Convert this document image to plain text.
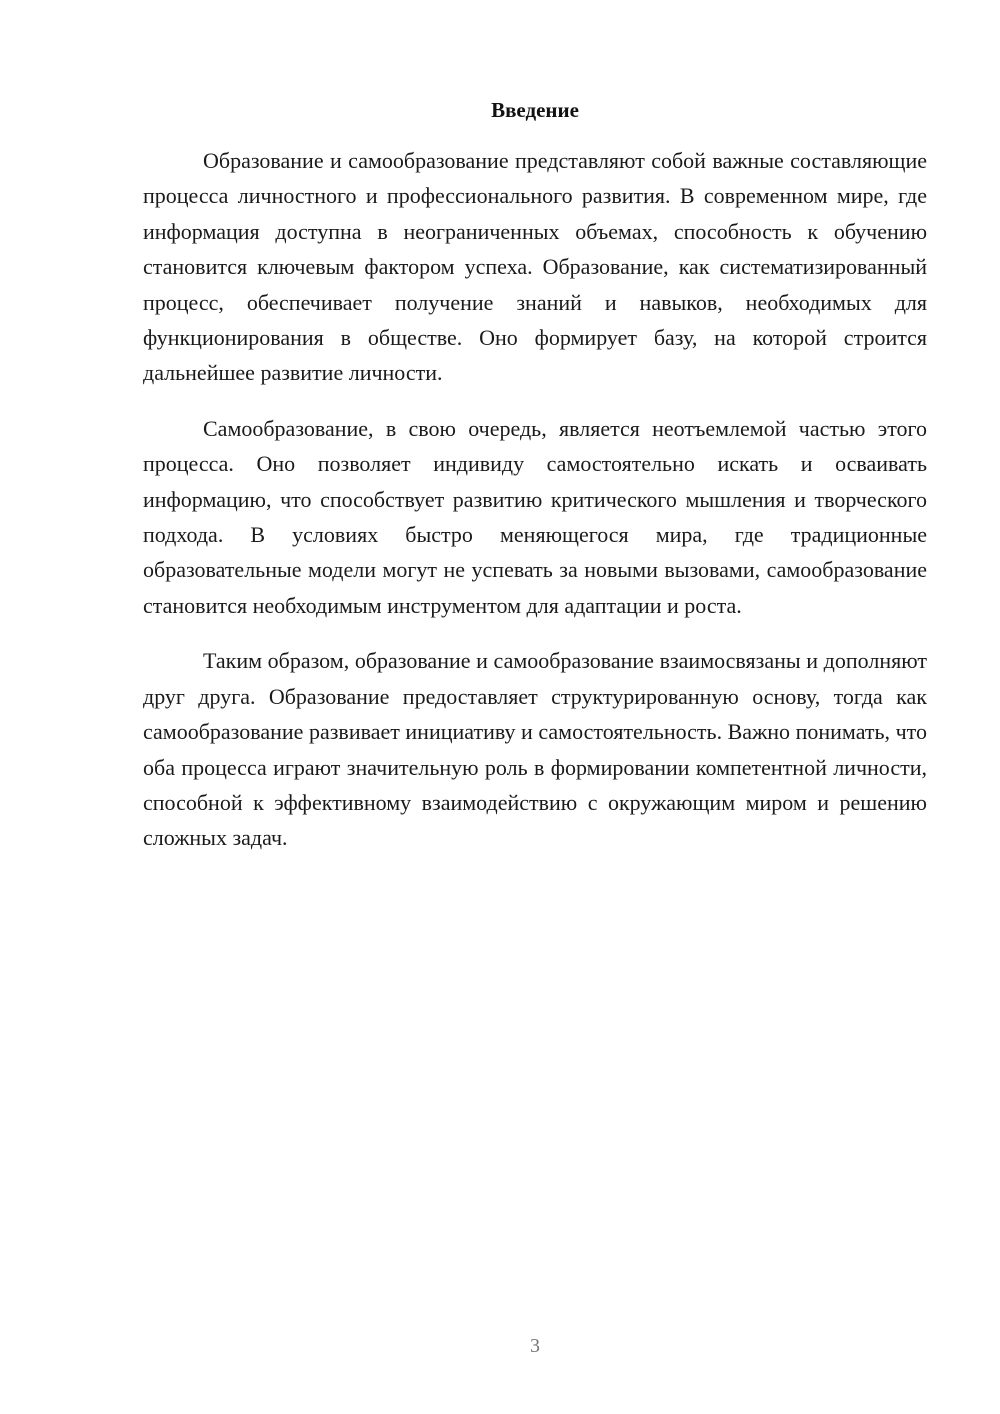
Введение

Образование и самообразование представляют собой важные составляющие процесса личностного и профессионального развития. В современном мире, где информация доступна в неограниченных объемах, способность к обучению становится ключевым фактором успеха. Образование, как систематизированный процесс, обеспечивает получение знаний и навыков, необходимых для функционирования в обществе. Оно формирует базу, на которой строится дальнейшее развитие личности.

Самообразование, в свою очередь, является неотъемлемой частью этого процесса. Оно позволяет индивиду самостоятельно искать и осваивать информацию, что способствует развитию критического мышления и творческого подхода. В условиях быстро меняющегося мира, где традиционные образовательные модели могут не успевать за новыми вызовами, самообразование становится необходимым инструментом для адаптации и роста.

Таким образом, образование и самообразование взаимосвязаны и дополняют друг друга. Образование предоставляет структурированную основу, тогда как самообразование развивает инициативу и самостоятельность. Важно понимать, что оба процесса играют значительную роль в формировании компетентной личности, способной к эффективному взаимодействию с окружающим миром и решению сложных задач.

3
